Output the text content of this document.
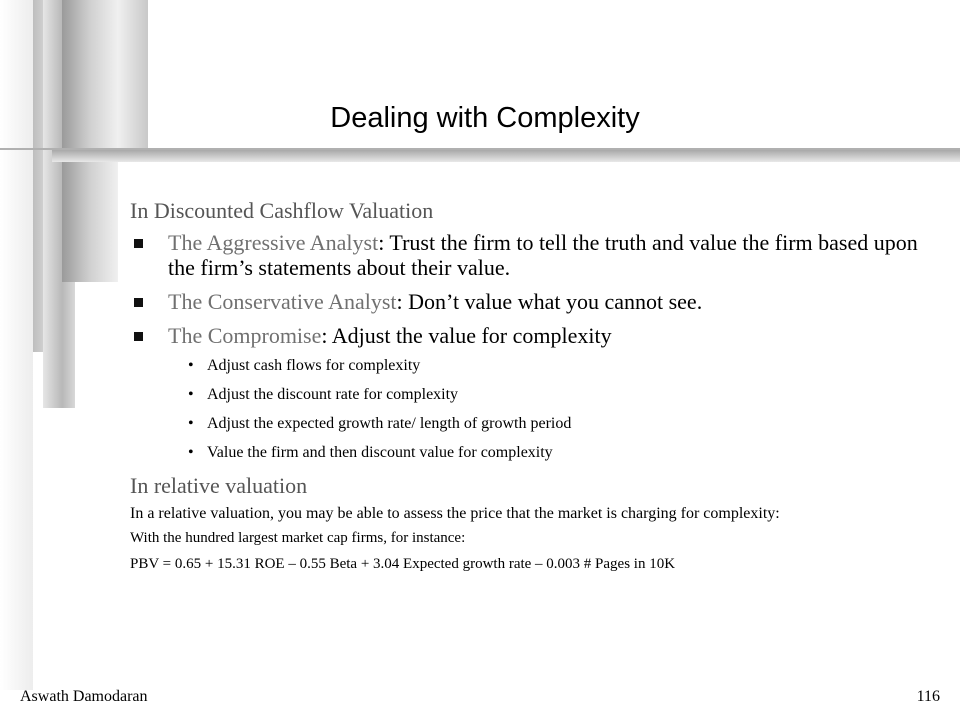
Dealing with Complexity
In Discounted Cashflow Valuation
The Aggressive Analyst: Trust the firm to tell the truth and value the firm based upon the firm’s statements about their value.
The Conservative Analyst: Don’t value what you cannot see.
The Compromise: Adjust the value for complexity
• Adjust cash flows for complexity
• Adjust the discount rate for complexity
• Adjust the expected growth rate/ length of growth period
• Value the firm and then discount value for complexity
In relative valuation
In a relative valuation, you may be able to assess the price that the market is charging for complexity:
With the hundred largest market cap firms, for instance:
PBV = 0.65 + 15.31 ROE – 0.55 Beta + 3.04 Expected growth rate – 0.003 # Pages in 10K
Aswath Damodaran	116
